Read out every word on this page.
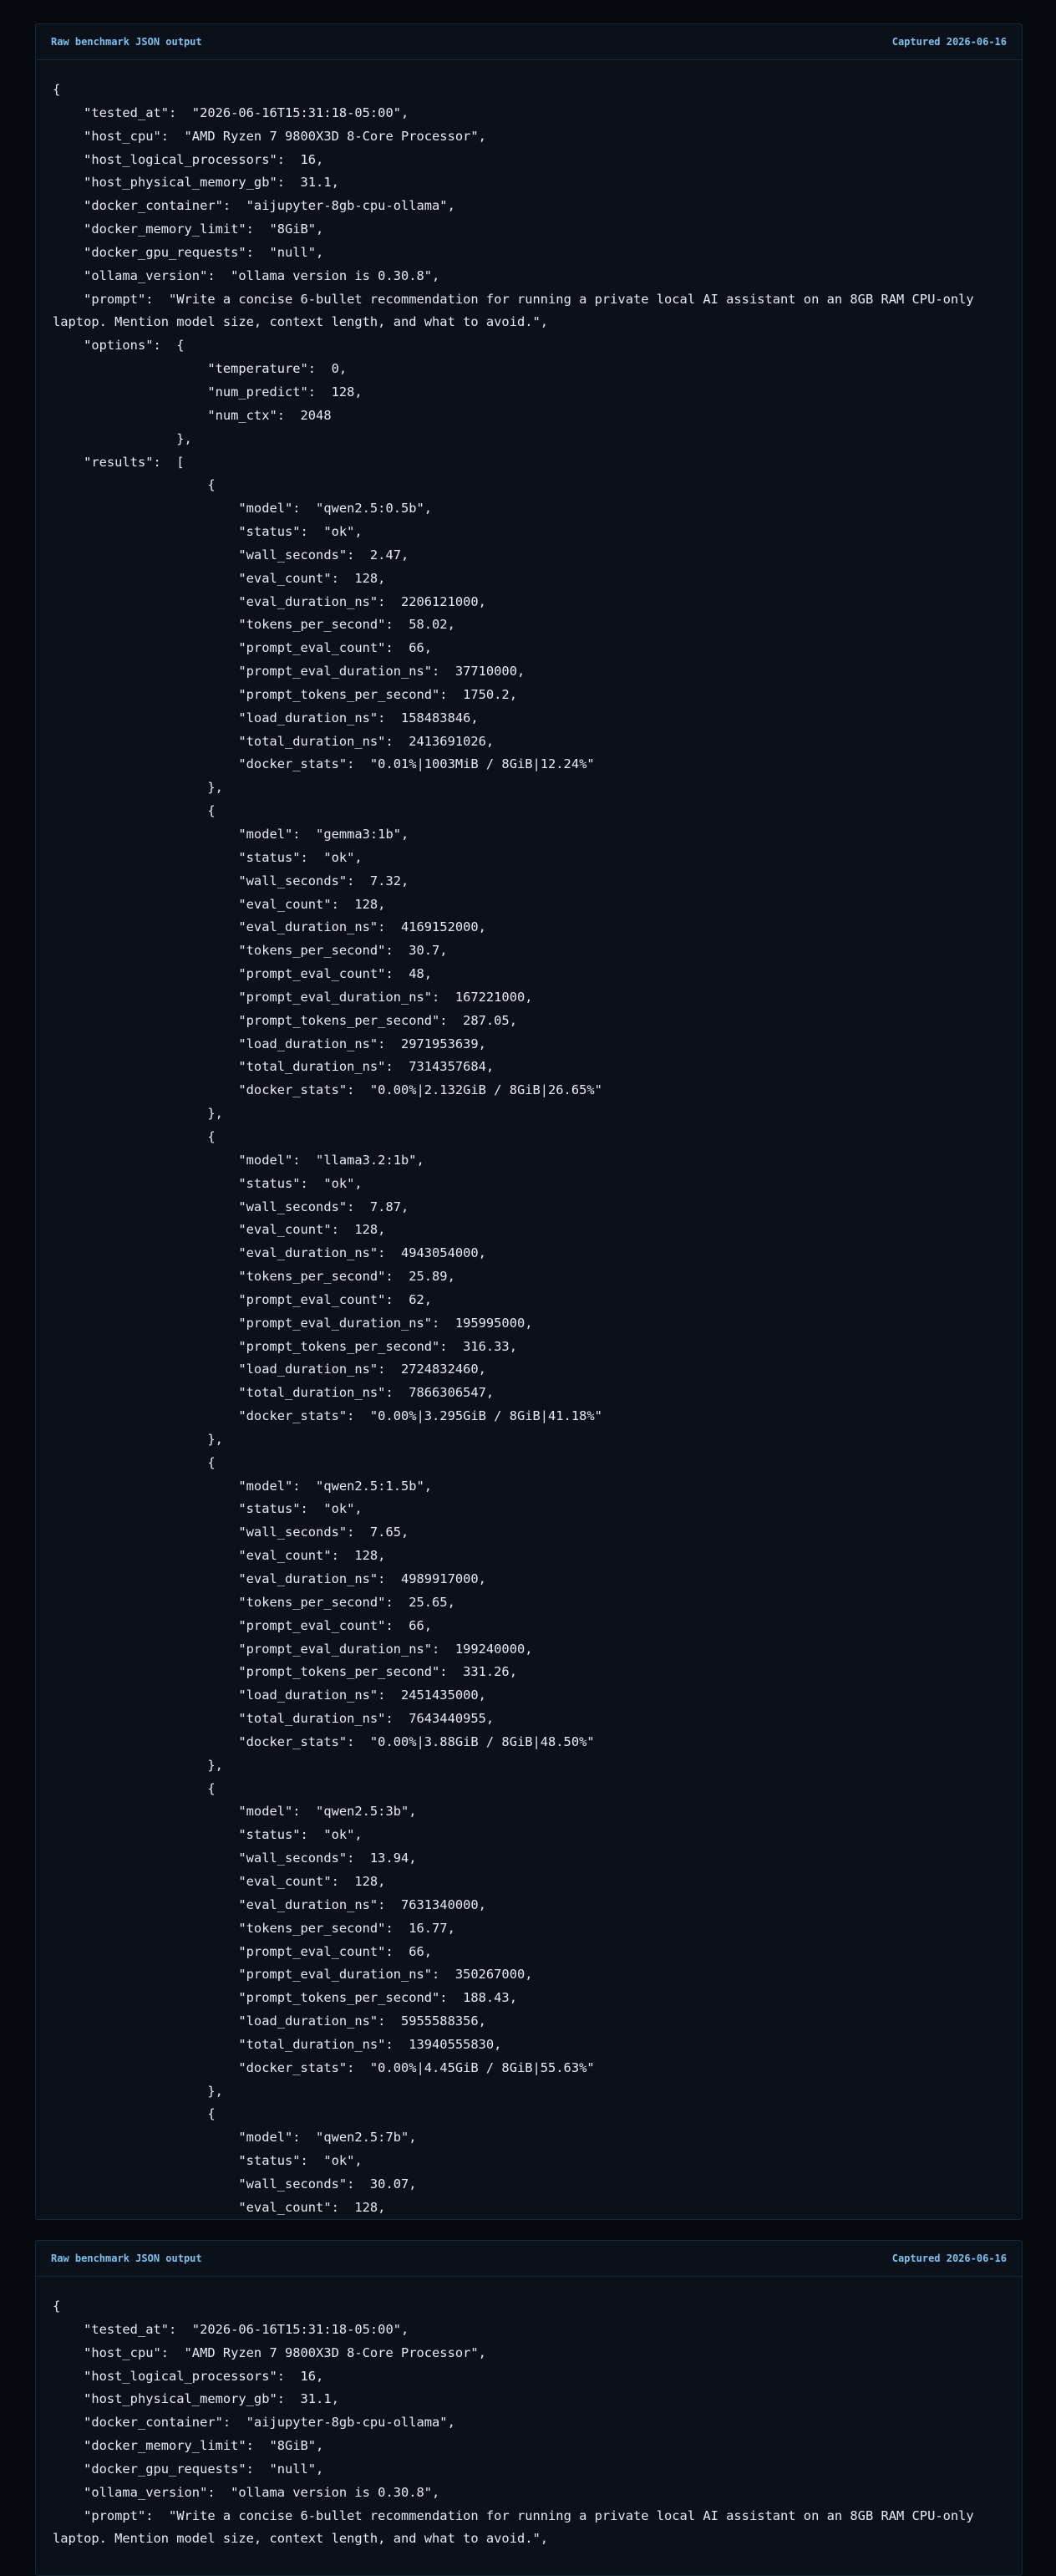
Raw benchmark JSON output	Captured 2026-06-16
{
"tested_at":  "2026-06-16T15:31:18-05:00",
"host_cpu":  "AMD Ryzen 7 9800X3D 8-Core Processor",
"host_logical_processors":  16,
"host_physical_memory_gb":  31.1,
"docker_container":  "aijupyter-8gb-cpu-ollama",
"docker_memory_limit":  "8GiB",
"docker_gpu_requests":  "null",
"ollama_version":  "ollama version is 0.30.8",
"prompt":  "Write a concise 6-bullet recommendation for running a private local AI assistant on an 8GB RAM CPU-only laptop. Mention model size, context length, and what to avoid.",
"options":  {
"temperature":  0,
"num_predict":  128,
"num_ctx":  2048
},
"results":  [
{
"model":  "qwen2.5:0.5b",
"status":  "ok",
"wall_seconds":  2.47,
"eval_count":  128,
"eval_duration_ns":  2206121000,
"tokens_per_second":  58.02,
"prompt_eval_count":  66,
"prompt_eval_duration_ns":  37710000,
"prompt_tokens_per_second":  1750.2,
"load_duration_ns":  158483846,
"total_duration_ns":  2413691026,
"docker_stats":  "0.01%|1003MiB / 8GiB|12.24%"
},
{
"model":  "gemma3:1b",
"status":  "ok",
"wall_seconds":  7.32,
"eval_count":  128,
"eval_duration_ns":  4169152000,
"tokens_per_second":  30.7,
"prompt_eval_count":  48,
"prompt_eval_duration_ns":  167221000,
"prompt_tokens_per_second":  287.05,
"load_duration_ns":  2971953639,
"total_duration_ns":  7314357684,
"docker_stats":  "0.00%|2.132GiB / 8GiB|26.65%"
},
{
"model":  "llama3.2:1b",
"status":  "ok",
"wall_seconds":  7.87,
"eval_count":  128,
"eval_duration_ns":  4943054000,
"tokens_per_second":  25.89,
"prompt_eval_count":  62,
"prompt_eval_duration_ns":  195995000,
"prompt_tokens_per_second":  316.33,
"load_duration_ns":  2724832460,
"total_duration_ns":  7866306547,
"docker_stats":  "0.00%|3.295GiB / 8GiB|41.18%"
},
{
"model":  "qwen2.5:1.5b",
"status":  "ok",
"wall_seconds":  7.65,
"eval_count":  128,
"eval_duration_ns":  4989917000,
"tokens_per_second":  25.65,
"prompt_eval_count":  66,
"prompt_eval_duration_ns":  199240000,
"prompt_tokens_per_second":  331.26,
"load_duration_ns":  2451435000,
"total_duration_ns":  7643440955,
"docker_stats":  "0.00%|3.88GiB / 8GiB|48.50%"
},
{
"model":  "qwen2.5:3b",
"status":  "ok",
"wall_seconds":  13.94,
"eval_count":  128,
"eval_duration_ns":  7631340000,
"tokens_per_second":  16.77,
"prompt_eval_count":  66,
"prompt_eval_duration_ns":  350267000,
"prompt_tokens_per_second":  188.43,
"load_duration_ns":  5955588356,
"total_duration_ns":  13940555830,
"docker_stats":  "0.00%|4.45GiB / 8GiB|55.63%"
},
{
"model":  "qwen2.5:7b",
"status":  "ok",
"wall_seconds":  30.07,
"eval_count":  128,
Raw benchmark JSON output	Captured 2026-06-16
{
"tested_at":  "2026-06-16T15:31:18-05:00",
"host_cpu":  "AMD Ryzen 7 9800X3D 8-Core Processor",
"host_logical_processors":  16,
"host_physical_memory_gb":  31.1,
"docker_container":  "aijupyter-8gb-cpu-ollama",
"docker_memory_limit":  "8GiB",
"docker_gpu_requests":  "null",
"ollama_version":  "ollama version is 0.30.8",
"prompt":  "Write a concise 6-bullet recommendation for running a private local AI assistant on an 8GB RAM CPU-only laptop. Mention model size, context length, and what to avoid.",
